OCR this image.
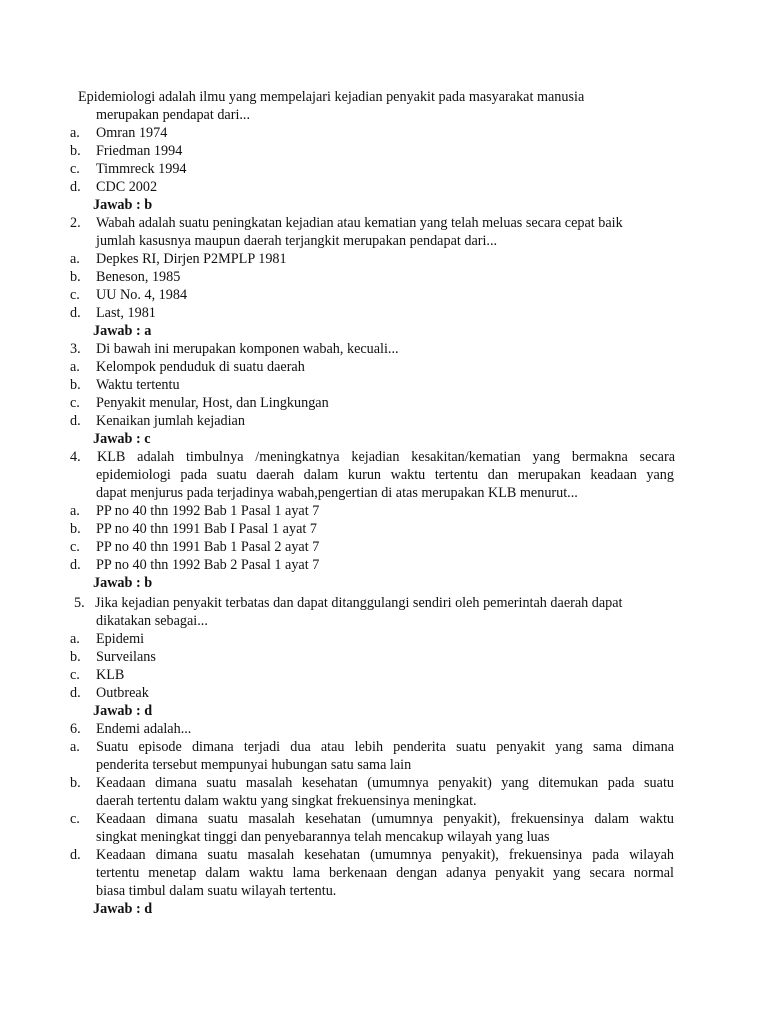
Epidemiologi adalah ilmu yang mempelajari kejadian penyakit pada masyarakat manusia
merupakan pendapat dari...
a. Omran 1974
b. Friedman 1994
c. Timmreck 1994
d. CDC 2002
Jawab : b
2. Wabah adalah suatu peningkatan kejadian atau kematian yang telah meluas secara cepat baik
jumlah kasusnya maupun daerah terjangkit merupakan pendapat dari...
a. Depkes RI, Dirjen P2MPLP 1981
b. Beneson, 1985
c. UU No. 4, 1984
d. Last, 1981
Jawab : a
3. Di bawah ini merupakan komponen wabah, kecuali...
a. Kelompok penduduk di suatu daerah
b. Waktu tertentu
c. Penyakit menular, Host, dan Lingkungan
d. Kenaikan jumlah kejadian
Jawab : c
4. KLB adalah timbulnya /meningkatnya kejadian kesakitan/kematian yang bermakna secara
epidemiologi pada suatu daerah dalam kurun waktu tertentu dan merupakan keadaan yang
dapat menjurus pada terjadinya wabah,pengertian di atas merupakan KLB menurut...
a. PP no 40 thn 1992 Bab 1 Pasal 1 ayat 7
b. PP no 40 thn 1991 Bab I Pasal 1 ayat 7
c. PP no 40 thn 1991 Bab 1 Pasal 2 ayat 7
d. PP no 40 thn 1992 Bab 2 Pasal 1 ayat 7
Jawab : b
5. Jika kejadian penyakit terbatas dan dapat ditanggulangi sendiri oleh pemerintah daerah dapat
dikatakan sebagai...
a. Epidemi
b. Surveilans
c. KLB
d. Outbreak
Jawab : d
6. Endemi adalah...
a. Suatu episode dimana terjadi dua atau lebih penderita suatu penyakit yang sama dimana
penderita tersebut mempunyai hubungan satu sama lain
b. Keadaan dimana suatu masalah kesehatan (umumnya penyakit) yang ditemukan pada suatu
daerah tertentu dalam waktu yang singkat frekuensinya meningkat.
c. Keadaan dimana suatu masalah kesehatan (umumnya penyakit), frekuensinya dalam waktu
singkat meningkat tinggi dan penyebarannya telah mencakup wilayah yang luas
d. Keadaan dimana suatu masalah kesehatan (umumnya penyakit), frekuensinya pada wilayah
tertentu menetap dalam waktu lama berkenaan dengan adanya penyakit yang secara normal
biasa timbul dalam suatu wilayah tertentu.
Jawab : d
